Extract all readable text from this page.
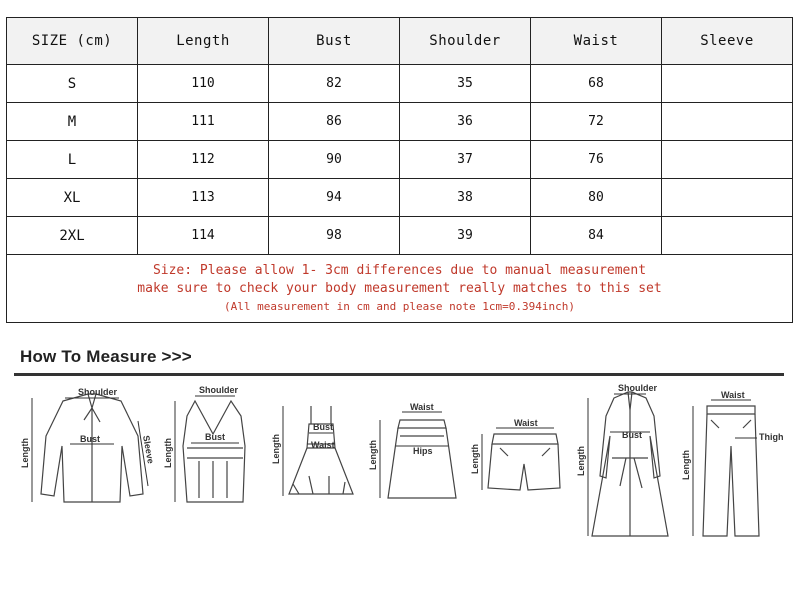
SIZE (cm)	Length	Bust	Shoulder	Waist	Sleeve
S	110	82	35	68	
M	111	86	36	72	
L	112	90	37	76	
XL	113	94	38	80	
2XL	114	98	39	84	
Size: Please allow 1- 3cm differences due to manual measurement
make sure to check your body measurement really matches to this set

(All measurement in cm and please note 1cm=0.394inch)					
How To Measure >>>
Shoulder
Bust
Length	Sleeve
Shoulder
Bust
Length
Bust
Waist
Length
Waist
Hips
Length
Waist
Length
Shoulder
Bust
Length
Waist
Thigh
Length
